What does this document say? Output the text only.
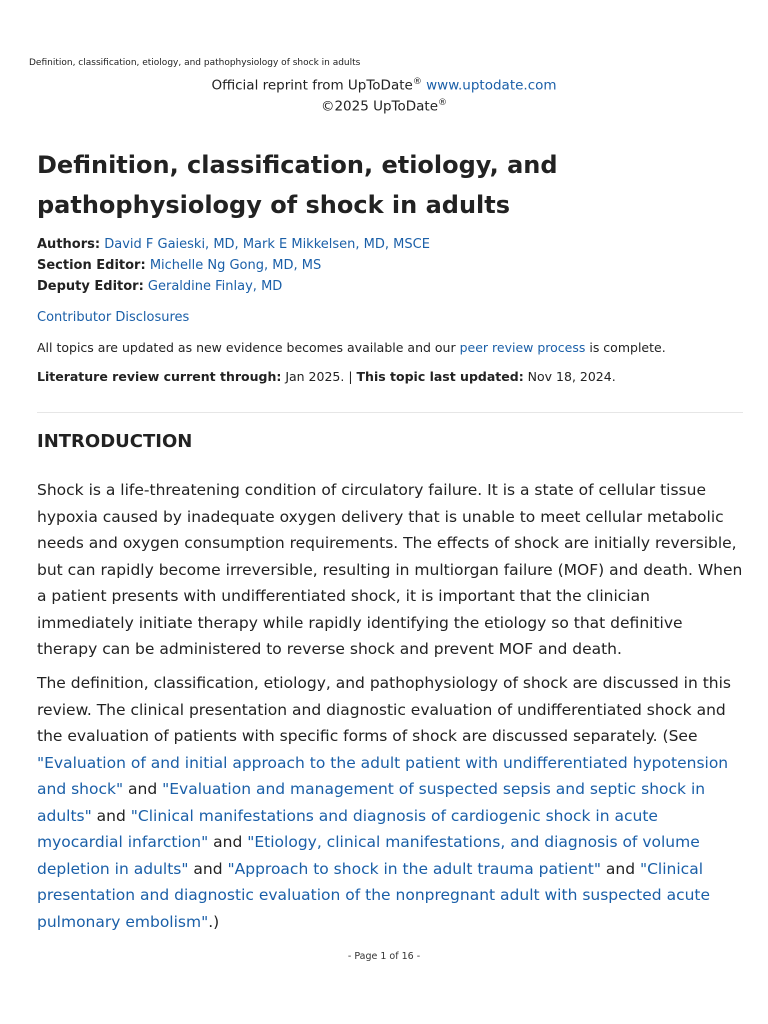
Definition, classification, etiology, and pathophysiology of shock in adults
Official reprint from UpToDate® www.uptodate.com
©2025 UpToDate®
Definition, classification, etiology, and pathophysiology of shock in adults
Authors: David F Gaieski, MD, Mark E Mikkelsen, MD, MSCE
Section Editor: Michelle Ng Gong, MD, MS
Deputy Editor: Geraldine Finlay, MD
Contributor Disclosures
All topics are updated as new evidence becomes available and our peer review process is complete.
Literature review current through: Jan 2025. | This topic last updated: Nov 18, 2024.
INTRODUCTION

Shock is a life-threatening condition of circulatory failure. It is a state of cellular tissue hypoxia caused by inadequate oxygen delivery that is unable to meet cellular metabolic needs and oxygen consumption requirements. The effects of shock are initially reversible, but can rapidly become irreversible, resulting in multiorgan failure (MOF) and death. When a patient presents with undifferentiated shock, it is important that the clinician immediately initiate therapy while rapidly identifying the etiology so that definitive therapy can be administered to reverse shock and prevent MOF and death.

The definition, classification, etiology, and pathophysiology of shock are discussed in this review. The clinical presentation and diagnostic evaluation of undifferentiated shock and the evaluation of patients with specific forms of shock are discussed separately. (See "Evaluation of and initial approach to the adult patient with undifferentiated hypotension and shock" and "Evaluation and management of suspected sepsis and septic shock in adults" and "Clinical manifestations and diagnosis of cardiogenic shock in acute myocardial infarction" and "Etiology, clinical manifestations, and diagnosis of volume depletion in adults" and "Approach to shock in the adult trauma patient" and "Clinical presentation and diagnostic evaluation of the nonpregnant adult with suspected acute pulmonary embolism".)

- Page 1 of 16 -
